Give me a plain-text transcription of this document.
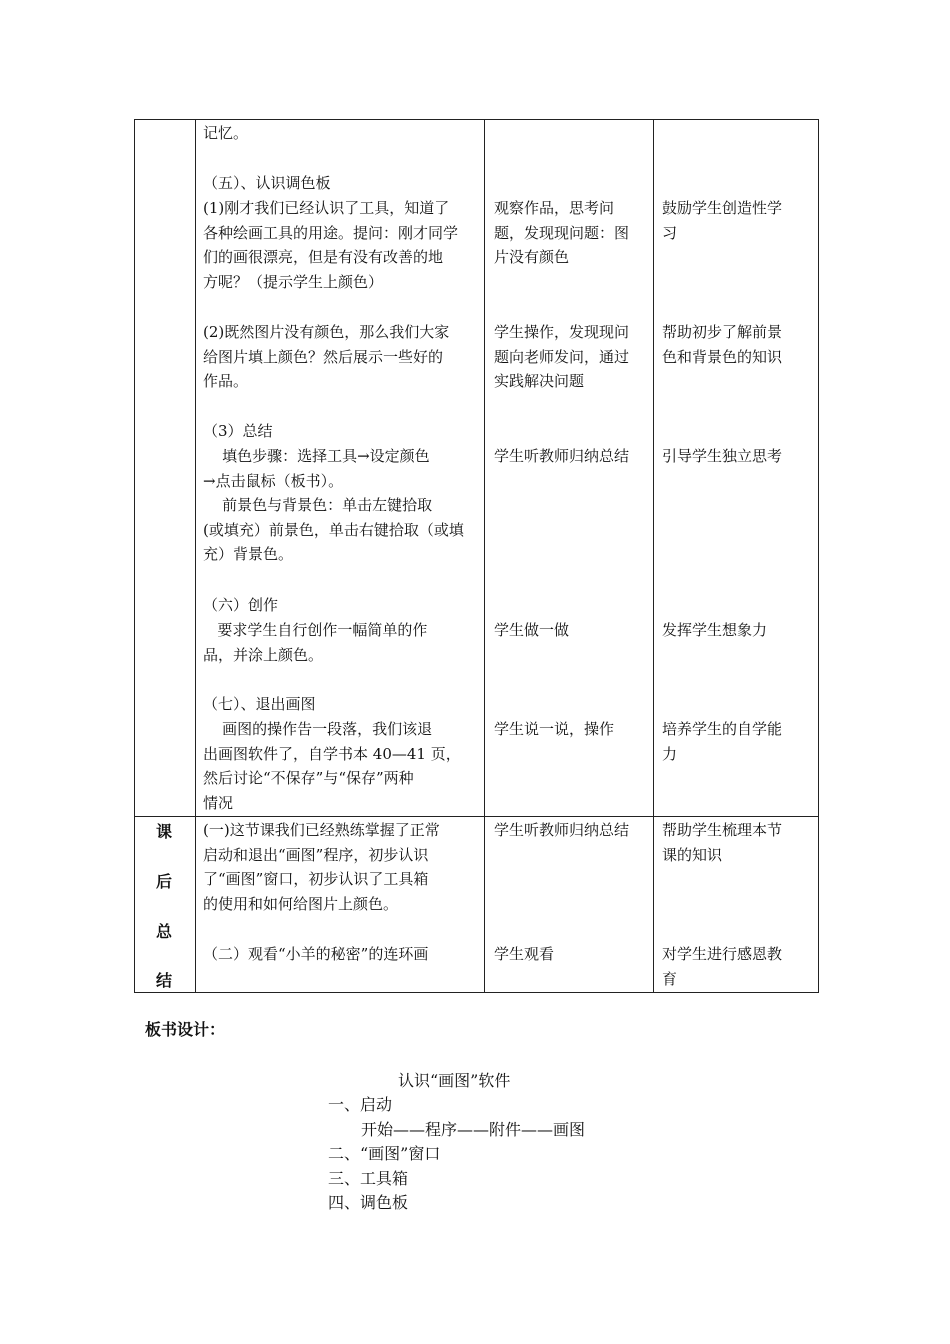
记忆。
（五）、认识调色板
(1)刚才我们已经认识了工具，知道了
各种绘画工具的用途。提问：刚才同学
们的画很漂亮，但是有没有改善的地
方呢？（提示学生上颜色）
(2)既然图片没有颜色，那么我们大家
给图片填上颜色？然后展示一些好的
作品。
（3）总结
填色步骤：选择工具→设定颜色
→点击鼠标（板书）。
前景色与背景色：单击左键拾取
(或填充）前景色，单击右键拾取（或填
充）背景色。
（六）创作
要求学生自行创作一幅简单的作
品，并涂上颜色。
（七）、退出画图
画图的操作告一段落，我们该退
出画图软件了，自学书本 40—41 页，
然后讨论“不保存”与“保存”两种
情况
观察作品，思考问
题，发现现问题：图
片没有颜色
学生操作，发现现问
题向老师发问，通过
实践解决问题
学生听教师归纳总结
学生做一做
学生说一说，操作
鼓励学生创造性学
习
帮助初步了解前景
色和背景色的知识
引导学生独立思考
发挥学生想象力
培养学生的自学能
力
课
后
总
结
(一)这节课我们已经熟练掌握了正常
启动和退出“画图”程序，初步认识
了“画图”窗口，初步认识了工具箱
的使用和如何给图片上颜色。
（二）观看“小羊的秘密”的连环画
学生听教师归纳总结
学生观看
帮助学生梳理本节
课的知识
对学生进行感恩教
育
板书设计：
认识“画图”软件
一、启动
开始——程序——附件——画图
二、“画图”窗口
三、工具箱
四、调色板
